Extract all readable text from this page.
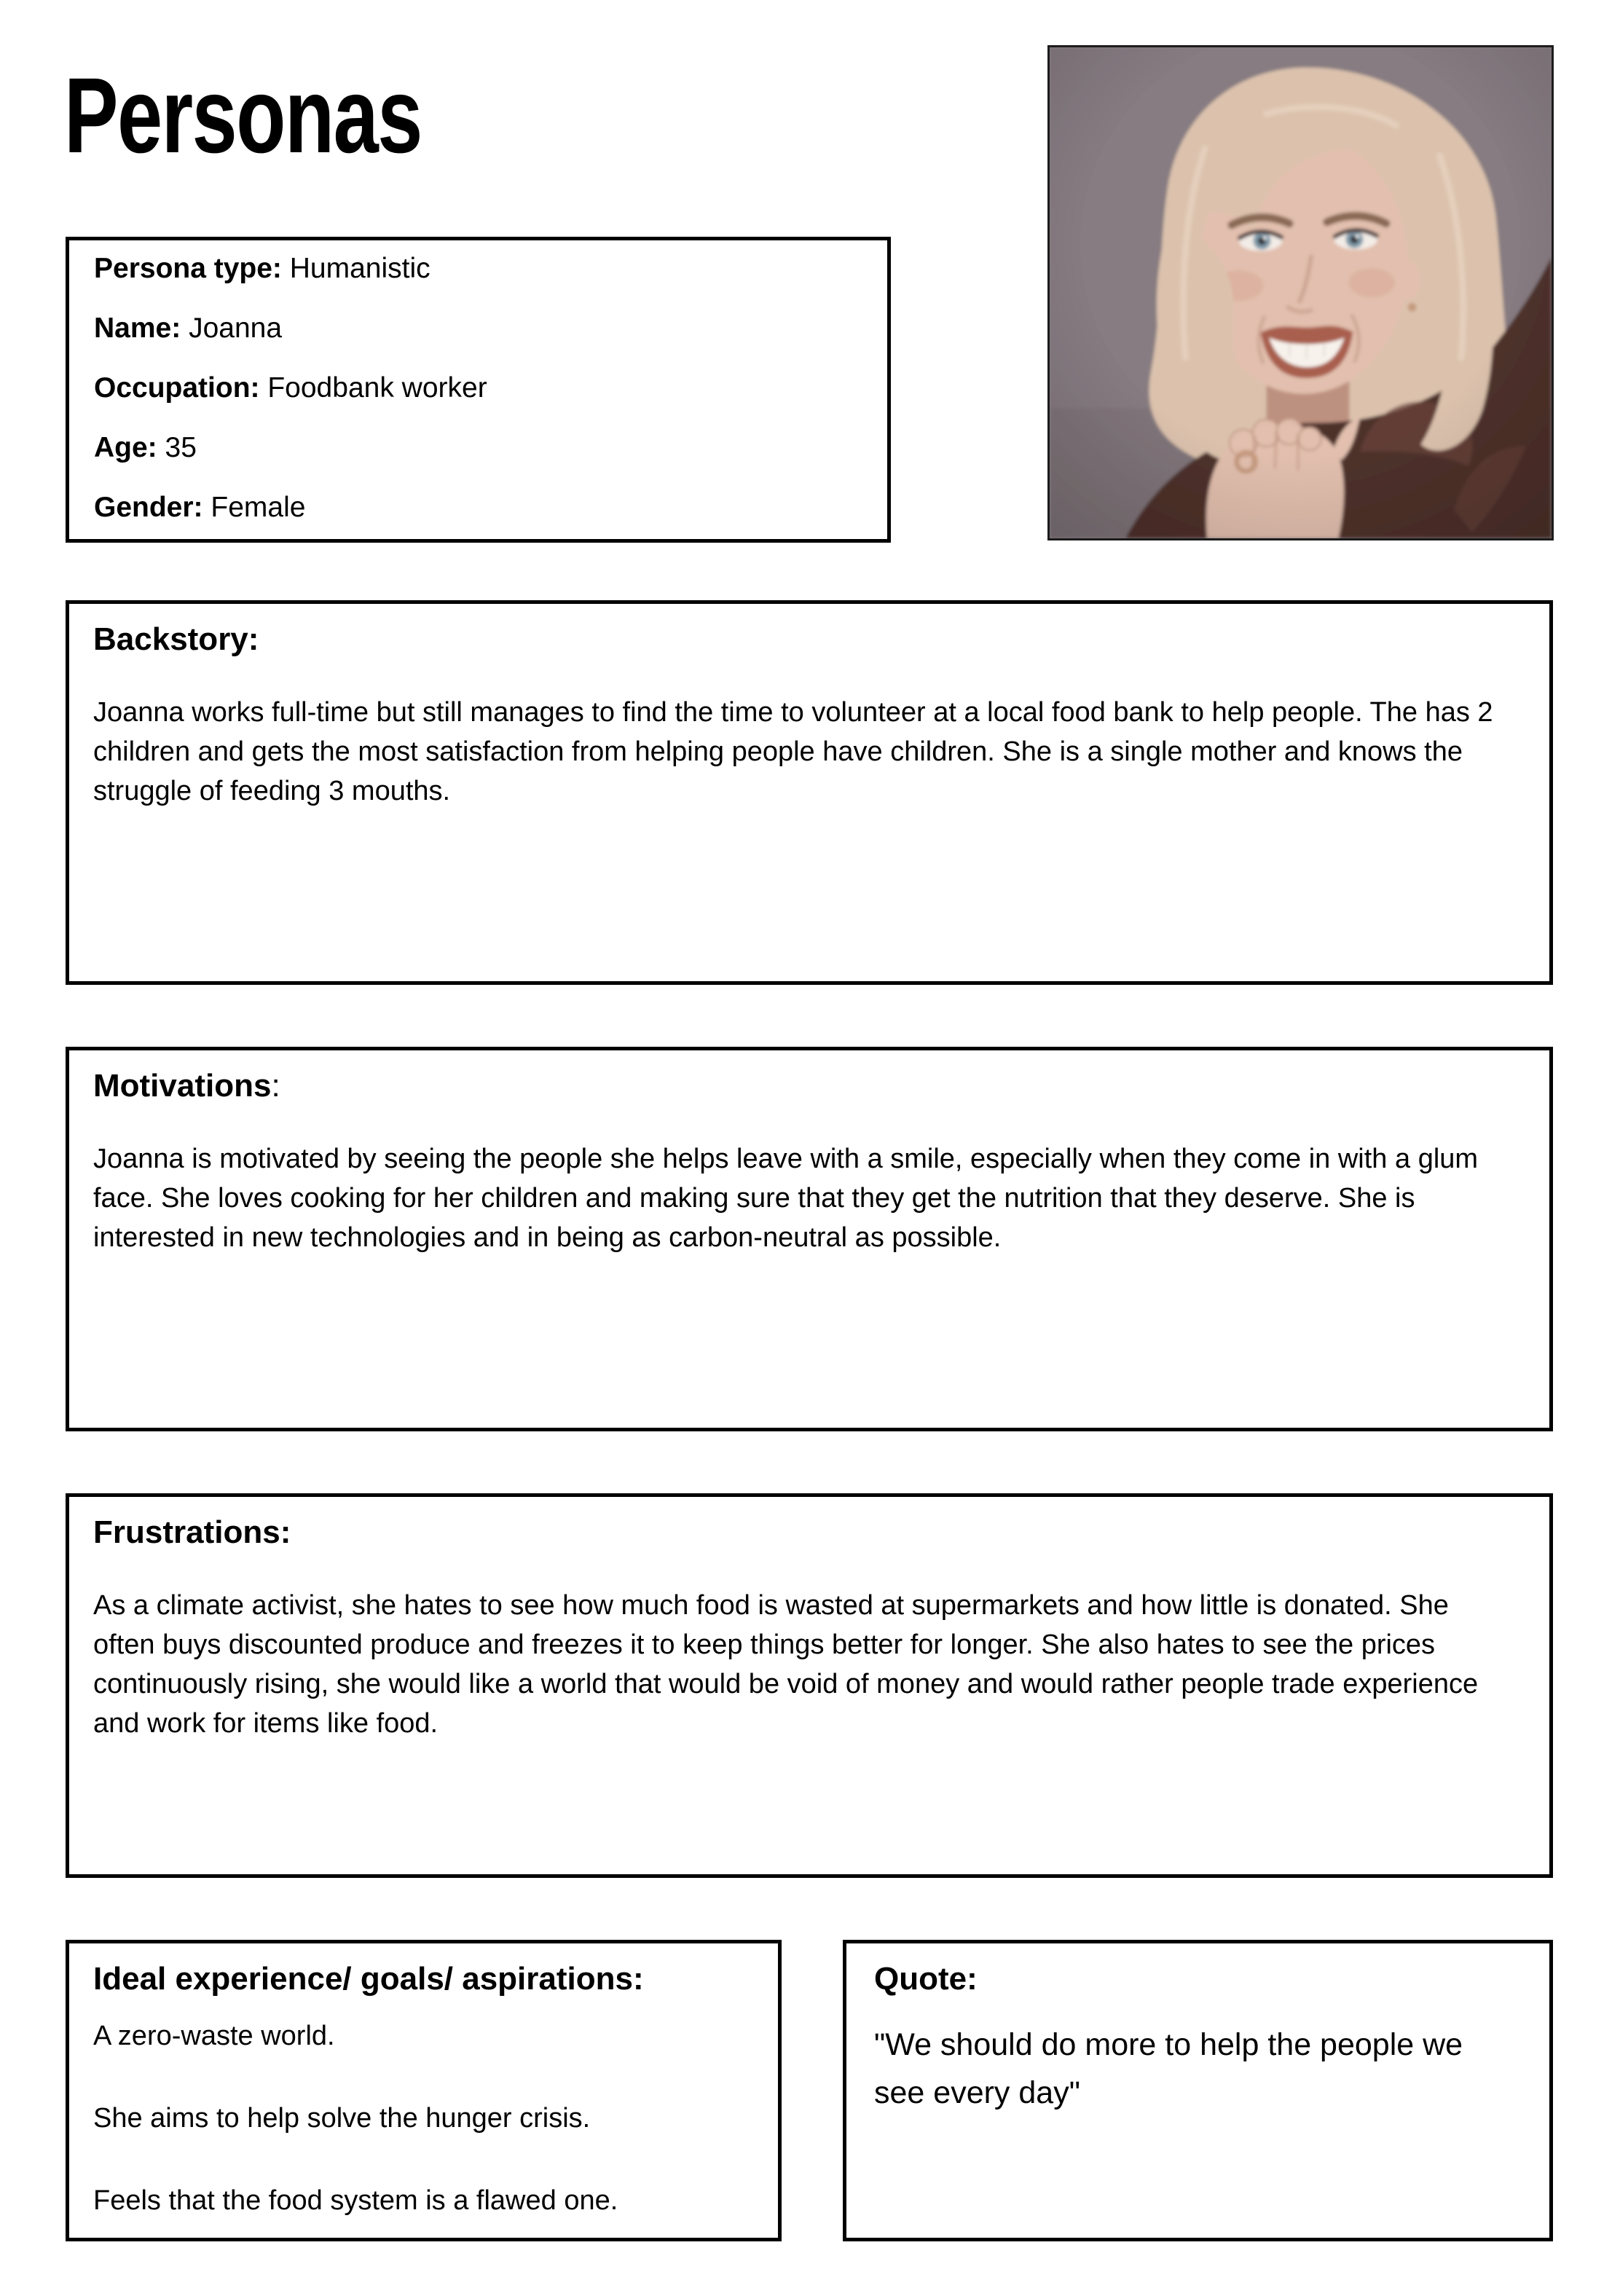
Personas
Persona type: Humanistic
Name: Joanna
Occupation: Foodbank worker
Age: 35
Gender: Female
Backstory:

Joanna works full-time but still manages to find the time to volunteer at a local food bank to help people. The has 2 children and gets the most satisfaction from helping people have children. She is a single mother and knows the struggle of feeding 3 mouths.

Motivations:

Joanna is motivated by seeing the people she helps leave with a smile, especially when they come in with a glum face. She loves cooking for her children and making sure that they get the nutrition that they deserve. She is interested in new technologies and in being as carbon-neutral as possible.

Frustrations:

As a climate activist, she hates to see how much food is wasted at supermarkets and how little is donated. She often buys discounted produce and freezes it to keep things better for longer. She also hates to see the prices continuously rising, she would like a world that would be void of money and would rather people trade experience and work for items like food.

Ideal experience/ goals/ aspirations:

A zero-waste world.

She aims to help solve the hunger crisis.

Feels that the food system is a flawed one.

Quote:

"We should do more to help the people we see every day"
